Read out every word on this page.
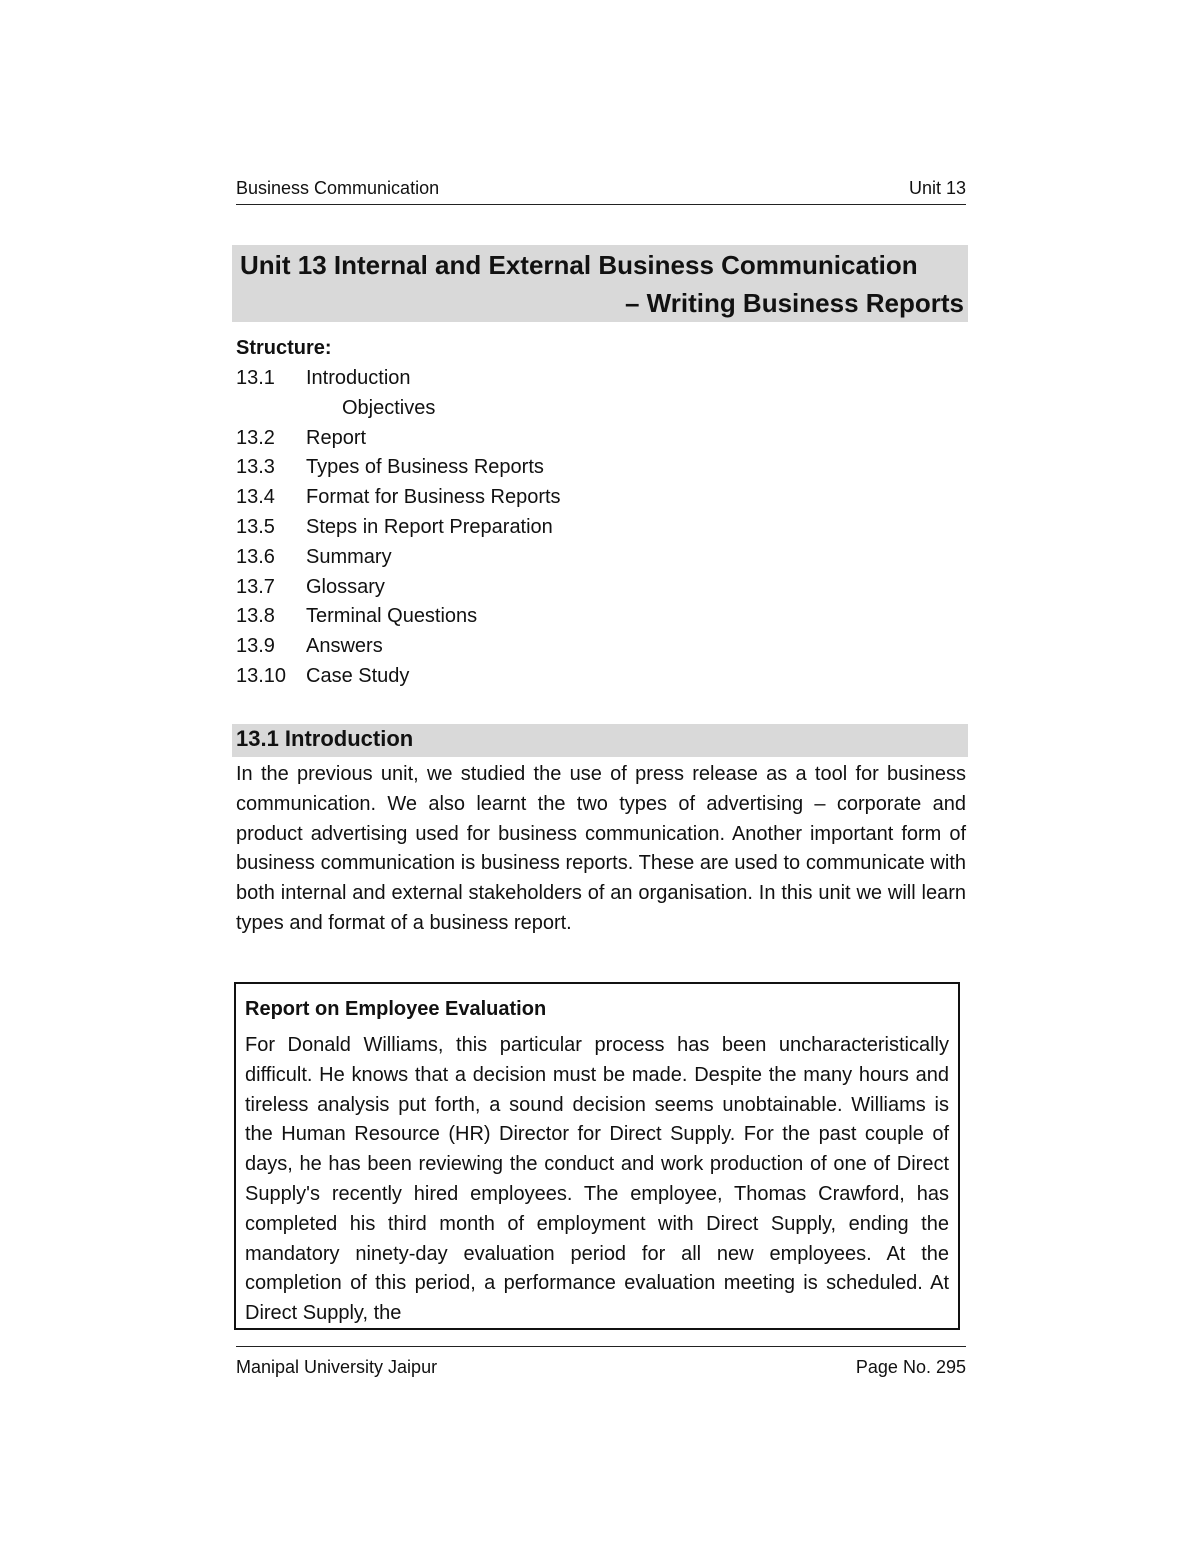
Business Communication	Unit 13
Unit 13 Internal and External Business Communication
– Writing Business Reports
Structure:
13.1 Introduction
Objectives
13.2 Report
13.3 Types of Business Reports
13.4 Format for Business Reports
13.5 Steps in Report Preparation
13.6 Summary
13.7 Glossary
13.8 Terminal Questions
13.9 Answers
13.10 Case Study
13.1 Introduction

In the previous unit, we studied the use of press release as a tool for business communication. We also learnt the two types of advertising – corporate and product advertising used for business communication. Another important form of business communication is business reports. These are used to communicate with both internal and external stakeholders of an organisation. In this unit we will learn types and format of a business report.

Report on Employee Evaluation

For Donald Williams, this particular process has been uncharacteristically difficult. He knows that a decision must be made. Despite the many hours and tireless analysis put forth, a sound decision seems unobtainable. Williams is the Human Resource (HR) Director for Direct Supply. For the past couple of days, he has been reviewing the conduct and work production of one of Direct Supply's recently hired employees. The employee, Thomas Crawford, has completed his third month of employment with Direct Supply, ending the mandatory ninety-day evaluation period for all new employees. At the completion of this period, a performance evaluation meeting is scheduled. At Direct Supply, the

Manipal University Jaipur	Page No. 295
